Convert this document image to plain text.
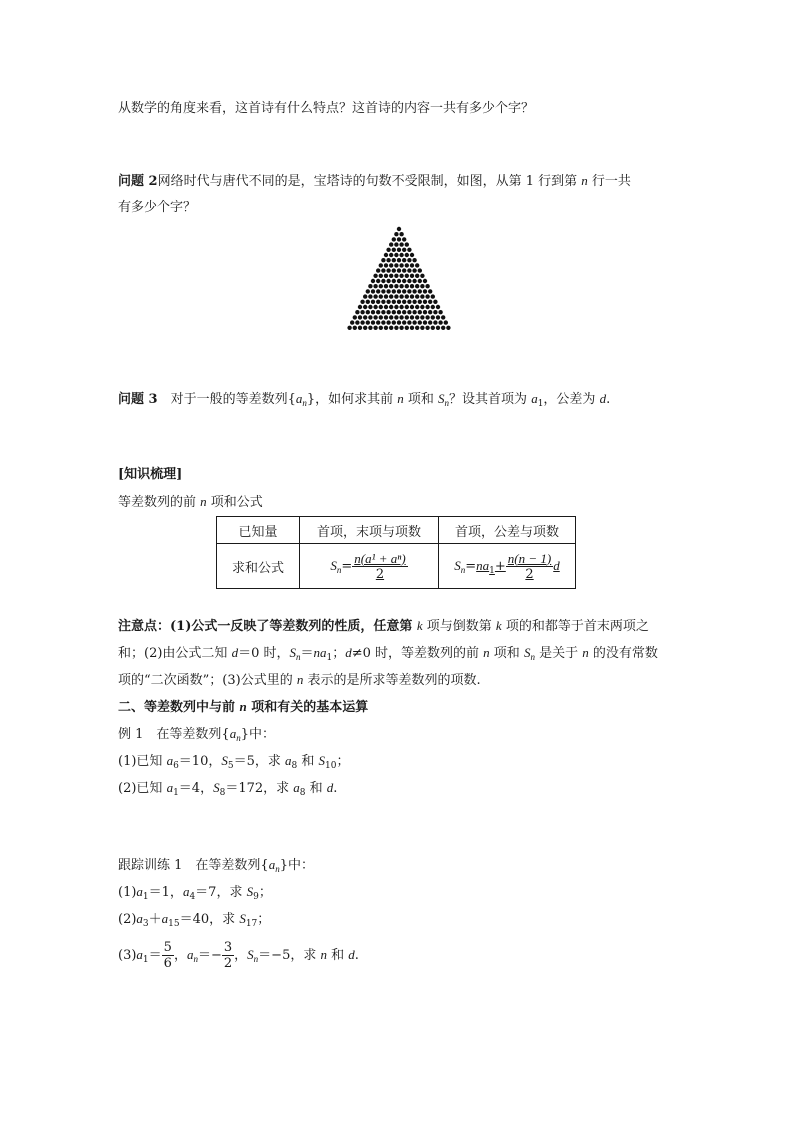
从数学的角度来看，这首诗有什么特点？这首诗的内容一共有多少个字？
问题 2网络时代与唐代不同的是，宝塔诗的句数不受限制，如图，从第 1 行到第 n 行一共
有多少个字？
问题 3　 对于一般的等差数列$\{a_n\}$，如何求其前 n 项和 $S_n$？设其首项为 $a_1$，公差为 d.
[知识梳理]
等差数列的前 n 项和公式
已知量	首项，末项与项数	首项，公差与项数
求和公式	$S_n= \frac{\text{n(a¹ + aⁿ)}}{2}$	$S_n=na_1+ \frac{n(n - 1)}{2}$ d
注意点：(1)公式一反映了等差数列的性质，任意第 k 项与倒数第 k 项的和都等于首末两项之
和；(2)由公式二知 d＝0 时，$S_n=na_1$；d≠0 时，等差数列的前 n 项和 $S_n$ 是关于 n 的没有常数
项的“二次函数”；(3)公式里的 n 表示的是所求等差数列的项数.
二、等差数列中与前 n 项和有关的基本运算
例 1　在等差数列$\{a_n\}$中：
(1)已知 $a_6=10$，$S_5=5$，求 $a_8$ 和 $S_{10}$；
(2)已知 $a_1=4$，$S_8=172$，求 $a_8$ 和 d.
跟踪训练 1　在等差数列$\{a_n\}$中：
$(1)a_1=1$，$a_4=7$，求 $S_9$；
$(2)a_3+a_{15}=40$，求 $S_{17}$；
$(3)a_1= \frac{5}{6}$ ，$a_n=- \frac{3}{2}$ ，$S_n=-5$，求 n 和 d.
